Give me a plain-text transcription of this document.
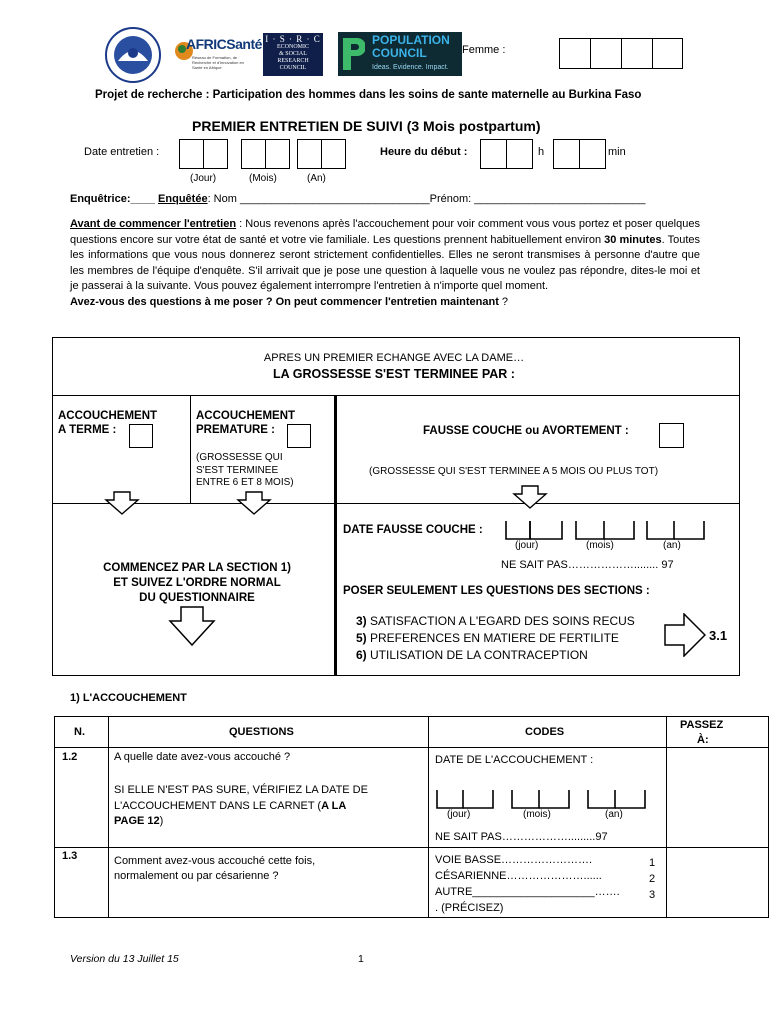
AFRICSanté
Réseau de Formation, de Recherche et d'Innovation en Santé en Afrique
I · S · R · C
ECONOMIC
& SOCIAL
RESEARCH
COUNCIL
POPULATION
COUNCIL
Ideas. Evidence. Impact.
Femme :
Projet de recherche : Participation des hommes dans les soins de sante maternelle au Burkina Faso
PREMIER ENTRETIEN DE SUIVI (3 Mois postpartum)
Date entretien :
(Jour)	(Mois)	(An)
Heure du début :	h	min
Enquêtrice:____ Enquêtée: Nom _______________________________Prénom: ____________________________

Avant de commencer l'entretien : Nous revenons après l'accouchement pour voir comment vous vous portez et poser quelques questions encore sur votre état de santé et votre vie familiale. Les questions prennent habituellement environ 30 minutes. Toutes les informations que vous nous donnerez seront strictement confidentielles. Elles ne seront transmises à personne d'autre que les membres de l'équipe d'enquête. S'il arrivait que je pose une question à laquelle vous ne voulez pas répondre, dites-le moi et je passerai à la suivante. Vous pouvez également interrompre l'entretien à n'importe quel moment.

Avez-vous des questions à me poser ? On peut commencer l'entretien maintenant ?

APRES UN PREMIER ECHANGE AVEC LA DAME…
LA GROSSESSE S'EST TERMINEE PAR :
ACCOUCHEMENT
A TERME :
ACCOUCHEMENT
PREMATURE :
(GROSSESSE QUI
S'EST TERMINEE
ENTRE 6 ET 8 MOIS)
FAUSSE COUCHE ou AVORTEMENT :
(GROSSESSE QUI S'EST TERMINEE A 5 MOIS OU PLUS TOT)
COMMENCEZ PAR LA SECTION 1)
ET SUIVEZ L'ORDRE NORMAL
DU QUESTIONNAIRE
DATE FAUSSE COUCHE :
(jour)	(mois)	(an)
NE SAIT PAS………………........ 97
POSER SEULEMENT LES QUESTIONS DES SECTIONS :
3) SATISFACTION A L'EGARD DES SOINS RECUS
5) PREFERENCES EN MATIERE DE FERTILITE
6) UTILISATION DE LA CONTRACEPTION
3.1
1) L'ACCOUCHEMENT
N.	QUESTIONS	CODES
PASSEZ
À:
1.2	A quelle date avez-vous accouché ?
SI ELLE N'EST PAS SURE, VÉRIFIEZ LA DATE DE
L'ACCOUCHEMENT DANS LE CARNET (A LA
PAGE 12)
DATE DE L'ACCOUCHEMENT :
(jour)	(mois)	(an)
NE SAIT PAS……………….........97
1.3	Comment avez-vous accouché cette fois,
normalement ou par césarienne ?
VOIE BASSE…………………….	1
CÉSARIENNE…………………......	2
AUTRE____________________…….	3
. (PRÉCISEZ)
Version du 13 Juillet 15	1
